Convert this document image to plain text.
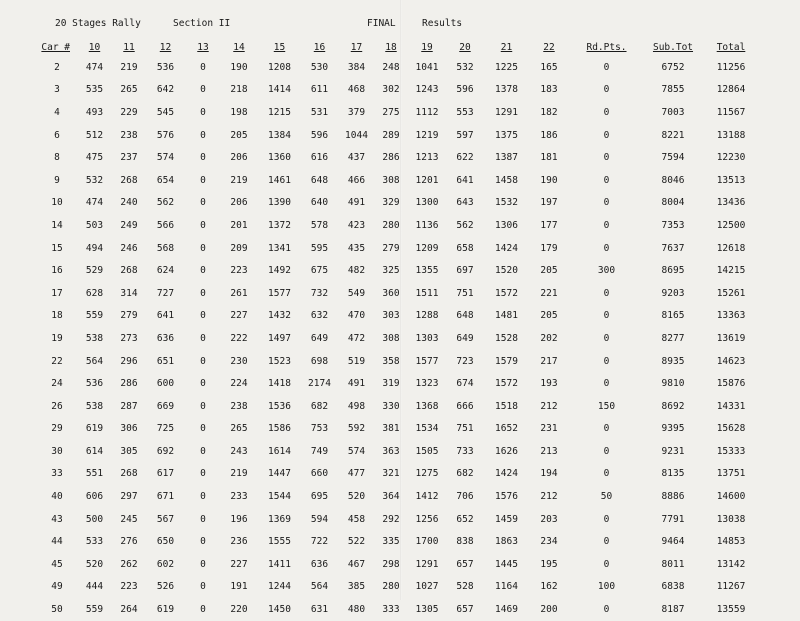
20 Stages Rally	Section II	FINAL	Results
Car #	10	11	12	13	14	15	16	17	18	19	20	21	22	Rd.Pts.	Sub.Tot	Total
2	474	219	536	0	190	1208	530	384	248	1041	532	1225	165	0	6752	11256
3	535	265	642	0	218	1414	611	468	302	1243	596	1378	183	0	7855	12864
4	493	229	545	0	198	1215	531	379	275	1112	553	1291	182	0	7003	11567
6	512	238	576	0	205	1384	596	1044	289	1219	597	1375	186	0	8221	13188
8	475	237	574	0	206	1360	616	437	286	1213	622	1387	181	0	7594	12230
9	532	268	654	0	219	1461	648	466	308	1201	641	1458	190	0	8046	13513
10	474	240	562	0	206	1390	640	491	329	1300	643	1532	197	0	8004	13436
14	503	249	566	0	201	1372	578	423	280	1136	562	1306	177	0	7353	12500
15	494	246	568	0	209	1341	595	435	279	1209	658	1424	179	0	7637	12618
16	529	268	624	0	223	1492	675	482	325	1355	697	1520	205	300	8695	14215
17	628	314	727	0	261	1577	732	549	360	1511	751	1572	221	0	9203	15261
18	559	279	641	0	227	1432	632	470	303	1288	648	1481	205	0	8165	13363
19	538	273	636	0	222	1497	649	472	308	1303	649	1528	202	0	8277	13619
22	564	296	651	0	230	1523	698	519	358	1577	723	1579	217	0	8935	14623
24	536	286	600	0	224	1418	2174	491	319	1323	674	1572	193	0	9810	15876
26	538	287	669	0	238	1536	682	498	330	1368	666	1518	212	150	8692	14331
29	619	306	725	0	265	1586	753	592	381	1534	751	1652	231	0	9395	15628
30	614	305	692	0	243	1614	749	574	363	1505	733	1626	213	0	9231	15333
33	551	268	617	0	219	1447	660	477	321	1275	682	1424	194	0	8135	13751
40	606	297	671	0	233	1544	695	520	364	1412	706	1576	212	50	8886	14600
43	500	245	567	0	196	1369	594	458	292	1256	652	1459	203	0	7791	13038
44	533	276	650	0	236	1555	722	522	335	1700	838	1863	234	0	9464	14853
45	520	262	602	0	227	1411	636	467	298	1291	657	1445	195	0	8011	13142
49	444	223	526	0	191	1244	564	385	280	1027	528	1164	162	100	6838	11267
50	559	264	619	0	220	1450	631	480	333	1305	657	1469	200	0	8187	13559
